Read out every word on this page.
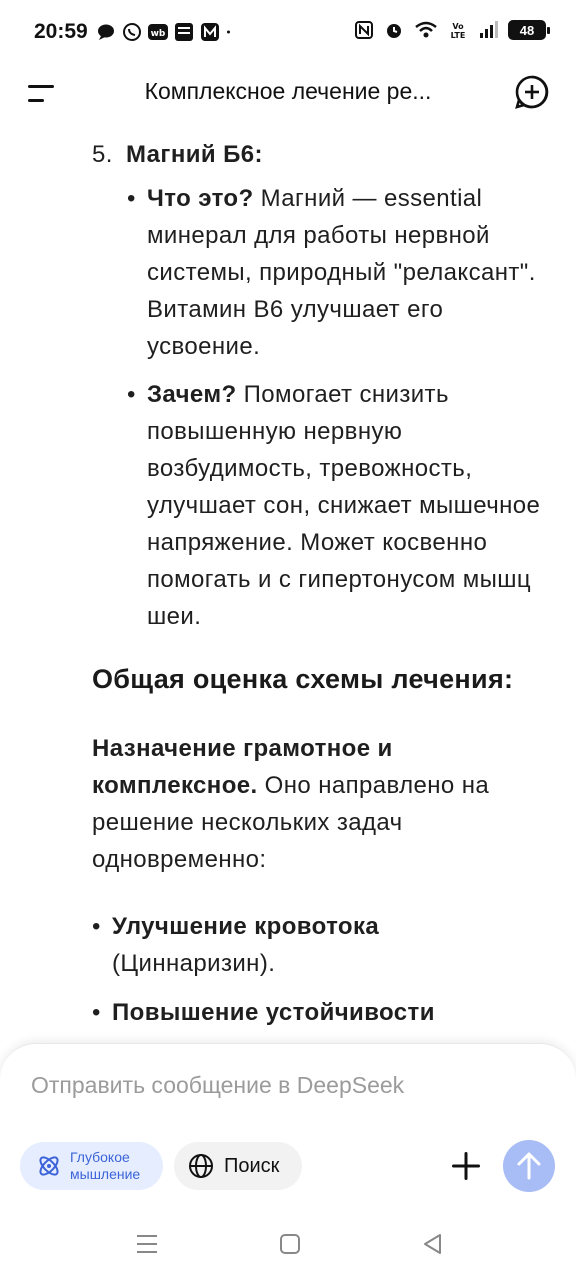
20:59	wb
Vo
LTE	48
Комплексное лечение ре...
5. Магний Б6:
• Что это? Магний — essential минерал для работы нервной системы, природный "релаксант". Витамин B6 улучшает его усвоение.
• Зачем? Помогает снизить повышенную нервную возбудимость, тревожность, улучшает сон, снижает мышечное напряжение. Может косвенно помогать и с гипертонусом мышц шеи.
Общая оценка схемы лечения:
Назначение грамотное и комплексное. Оно направлено на решение нескольких задач одновременно:
• Улучшение кровотока (Циннаризин).
• Повышение устойчивости
Отправить сообщение в DeepSeek
Глубокое мышление	Поиск
